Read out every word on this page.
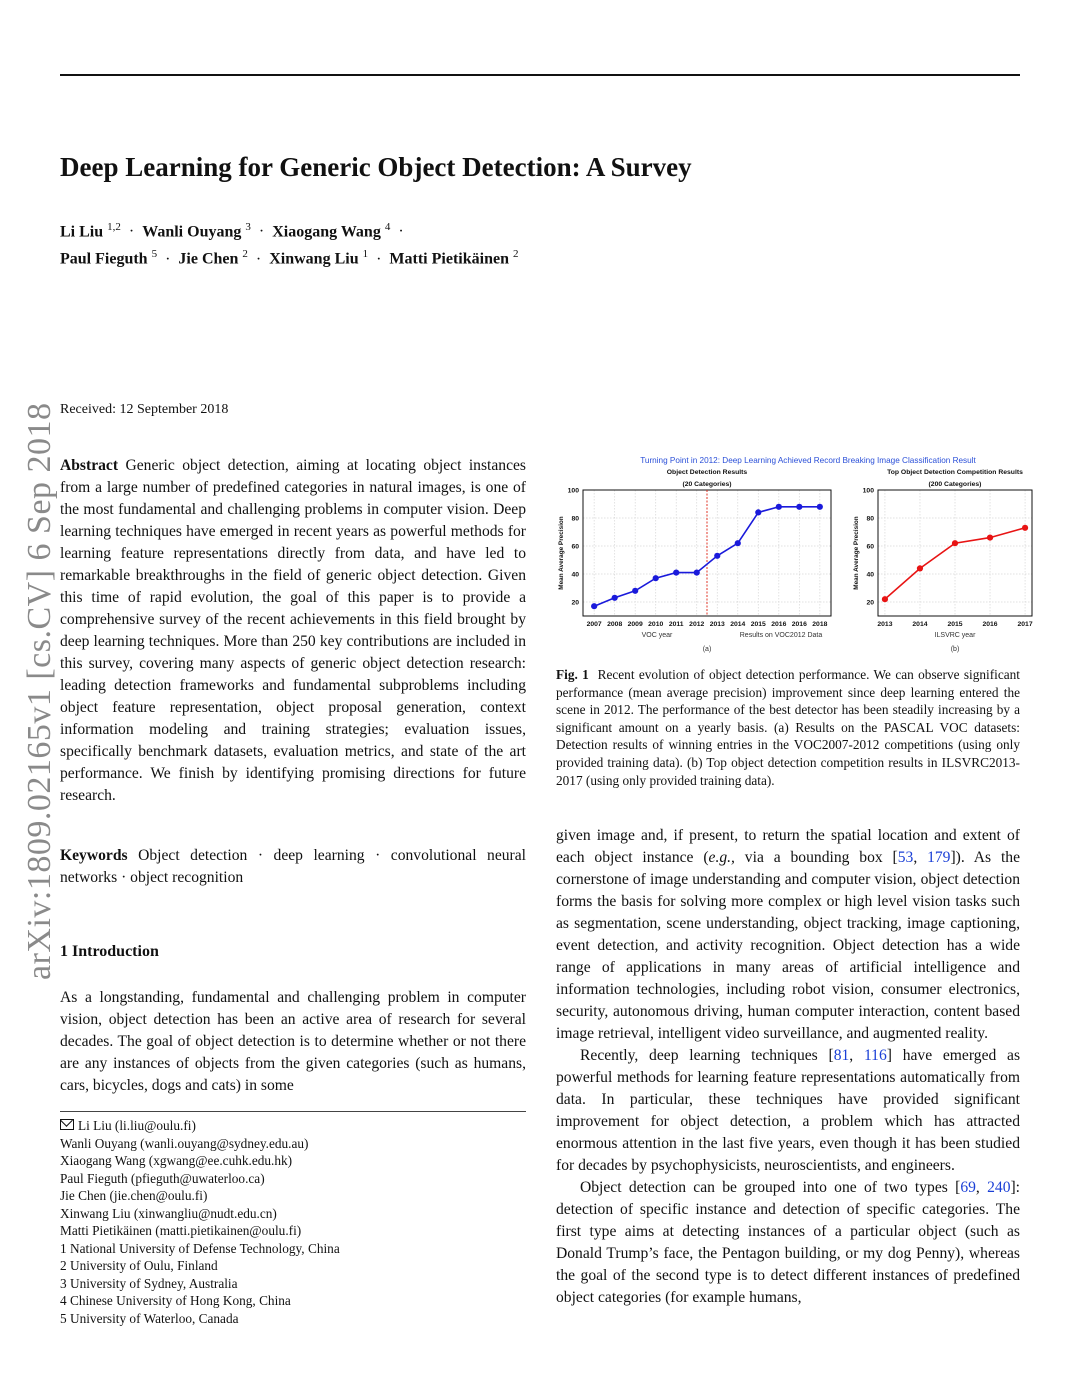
Deep Learning for Generic Object Detection: A Survey
Li Liu $^{1,2}$ · Wanli Ouyang $^3$ · Xiaogang Wang $^4$ ·
Paul Fieguth $^5$ · Jie Chen $^2$ · Xinwang Liu $^1$ · Matti Pietikäinen $^2$
arXiv:1809.02165v1 [cs.CV] 6 Sep 2018 Received: 12 September 2018

Abstract Generic object detection, aiming at locating object instances from a large number of predefined categories in natural images, is one of the most fundamental and challenging problems in computer vision. Deep learning techniques have emerged in recent years as powerful methods for learning feature representations directly from data, and have led to remarkable breakthroughs in the field of generic object detection. Given this time of rapid evolution, the goal of this paper is to provide a comprehensive survey of the recent achievements in this field brought by deep learning techniques. More than 250 key contributions are included in this survey, covering many aspects of generic object detection research: leading detection frameworks and fundamental subproblems including object feature representation, object proposal generation, context information modeling and training strategies; evaluation issues, specifically benchmark datasets, evaluation metrics, and state of the art performance. We finish by identifying promising directions for future research.

Keywords Object detection · deep learning · convolutional neural networks · object recognition

1 Introduction

As a longstanding, fundamental and challenging problem in computer vision, object detection has been an active area of research for several decades. The goal of object detection is to determine whether or not there are any instances of objects from the given categories (such as humans, cars, bicycles, dogs and cats) in some

Li Liu (li.liu@oulu.fi)
Wanli Ouyang (wanli.ouyang@sydney.edu.au)
Xiaogang Wang (xgwang@ee.cuhk.edu.hk)
Paul Fieguth (pfieguth@uwaterloo.ca)
Jie Chen (jie.chen@oulu.fi)
Xinwang Liu (xinwangliu@nudt.edu.cn)
Matti Pietikäinen (matti.pietikainen@oulu.fi)
1 National University of Defense Technology, China
2 University of Oulu, Finland
3 University of Sydney, Australia
4 Chinese University of Hong Kong, China
5 University of Waterloo, Canada
Turning Point in 2012: Deep Learning Achieved Record Breaking Image Classification Result
Object Detection Results
(20 Categories)
20
40
60
80
100
2007 2008 2009 2010 2011 2012 2013 2014 2015 2016 2016 2018
Mean Average Precision
VOC year	Results on VOC2012 Data
(a)
Top Object Detection Competition Results
(200 Categories)
20
40
60
80
100
2013	2014	2015	2016	2017
Mean Average Precision
ILSVRC year
(b)
Fig. 1 Recent evolution of object detection performance. We can observe significant performance (mean average precision) improvement since deep learning entered the scene in 2012. The performance of the best detector has been steadily increasing by a significant amount on a yearly basis. (a) Results on the PASCAL VOC datasets: Detection results of winning entries in the VOC2007-2012 competitions (using only provided training data). (b) Top object detection competition results in ILSVRC2013-2017 (using only provided training data).

given image and, if present, to return the spatial location and extent of each object instance (e.g., via a bounding box [53, 179]). As the cornerstone of image understanding and computer vision, object detection forms the basis for solving more complex or high level vision tasks such as segmentation, scene understanding, object tracking, image captioning, event detection, and activity recognition. Object detection has a wide range of applications in many areas of artificial intelligence and information technologies, including robot vision, consumer electronics, security, autonomous driving, human computer interaction, content based image retrieval, intelligent video surveillance, and augmented reality.

Recently, deep learning techniques [81, 116] have emerged as powerful methods for learning feature representations automatically from data. In particular, these techniques have provided significant improvement for object detection, a problem which has attracted enormous attention in the last five years, even though it has been studied for decades by psychophysicists, neuroscientists, and engineers.

Object detection can be grouped into one of two types [69, 240]: detection of specific instance and detection of specific categories. The first type aims at detecting instances of a particular object (such as Donald Trump’s face, the Pentagon building, or my dog Penny), whereas the goal of the second type is to detect different instances of predefined object categories (for example humans,
